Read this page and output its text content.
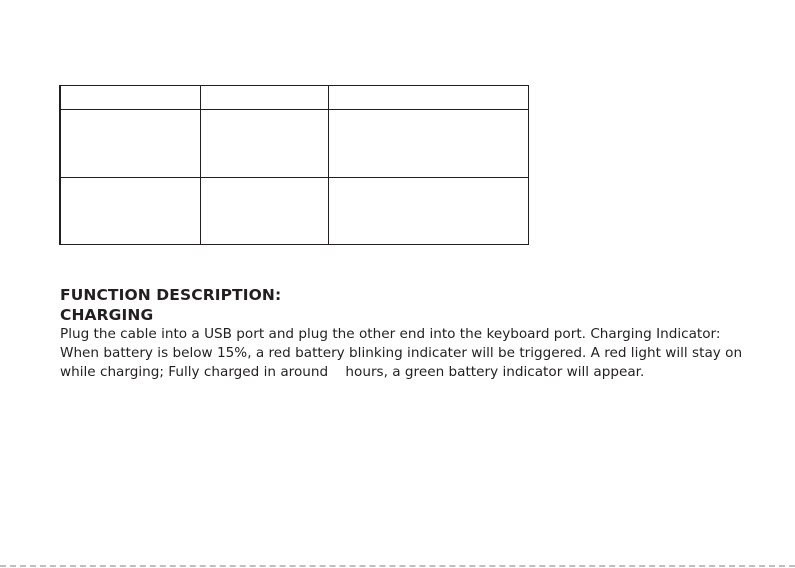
FUNCTION DESCRIPTION:
CHARGING

Plug the cable into a USB port and plug the other end into the keyboard port. Charging Indicator:

When battery is below 15%, a red battery blinking indicater will be triggered. A red light will stay on

while charging; Fully charged in around    hours, a green battery indicator will appear.
